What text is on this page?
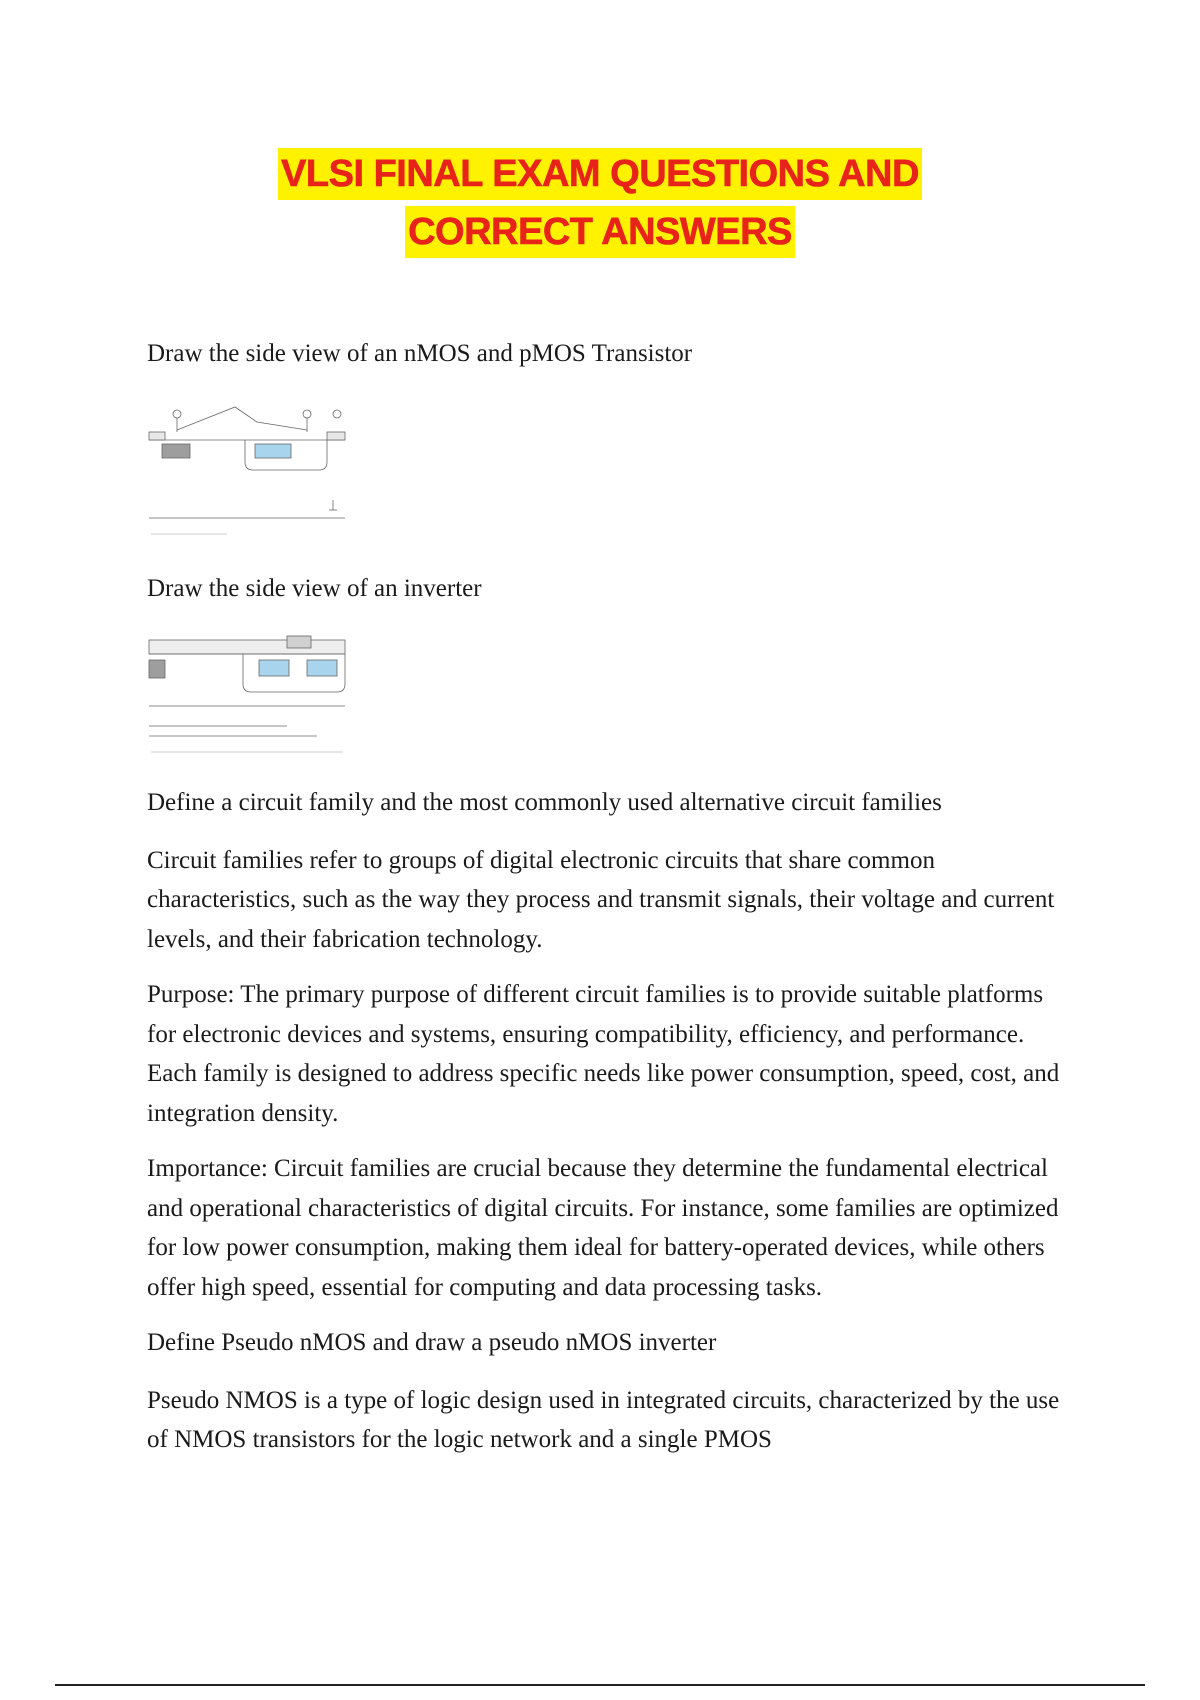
VLSI FINAL EXAM QUESTIONS AND
CORRECT ANSWERS

Draw the side view of an nMOS and pMOS Transistor

Draw the side view of an inverter

Define a circuit family and the most commonly used alternative circuit families

Circuit families refer to groups of digital electronic circuits that share common characteristics, such as the way they process and transmit signals, their voltage and current levels, and their fabrication technology.

Purpose: The primary purpose of different circuit families is to provide suitable platforms for electronic devices and systems, ensuring compatibility, efficiency, and performance. Each family is designed to address specific needs like power consumption, speed, cost, and integration density.

Importance: Circuit families are crucial because they determine the fundamental electrical and operational characteristics of digital circuits. For instance, some families are optimized for low power consumption, making them ideal for battery-operated devices, while others offer high speed, essential for computing and data processing tasks.

Define Pseudo nMOS and draw a pseudo nMOS inverter

Pseudo NMOS is a type of logic design used in integrated circuits, characterized by the use of NMOS transistors for the logic network and a single PMOS
